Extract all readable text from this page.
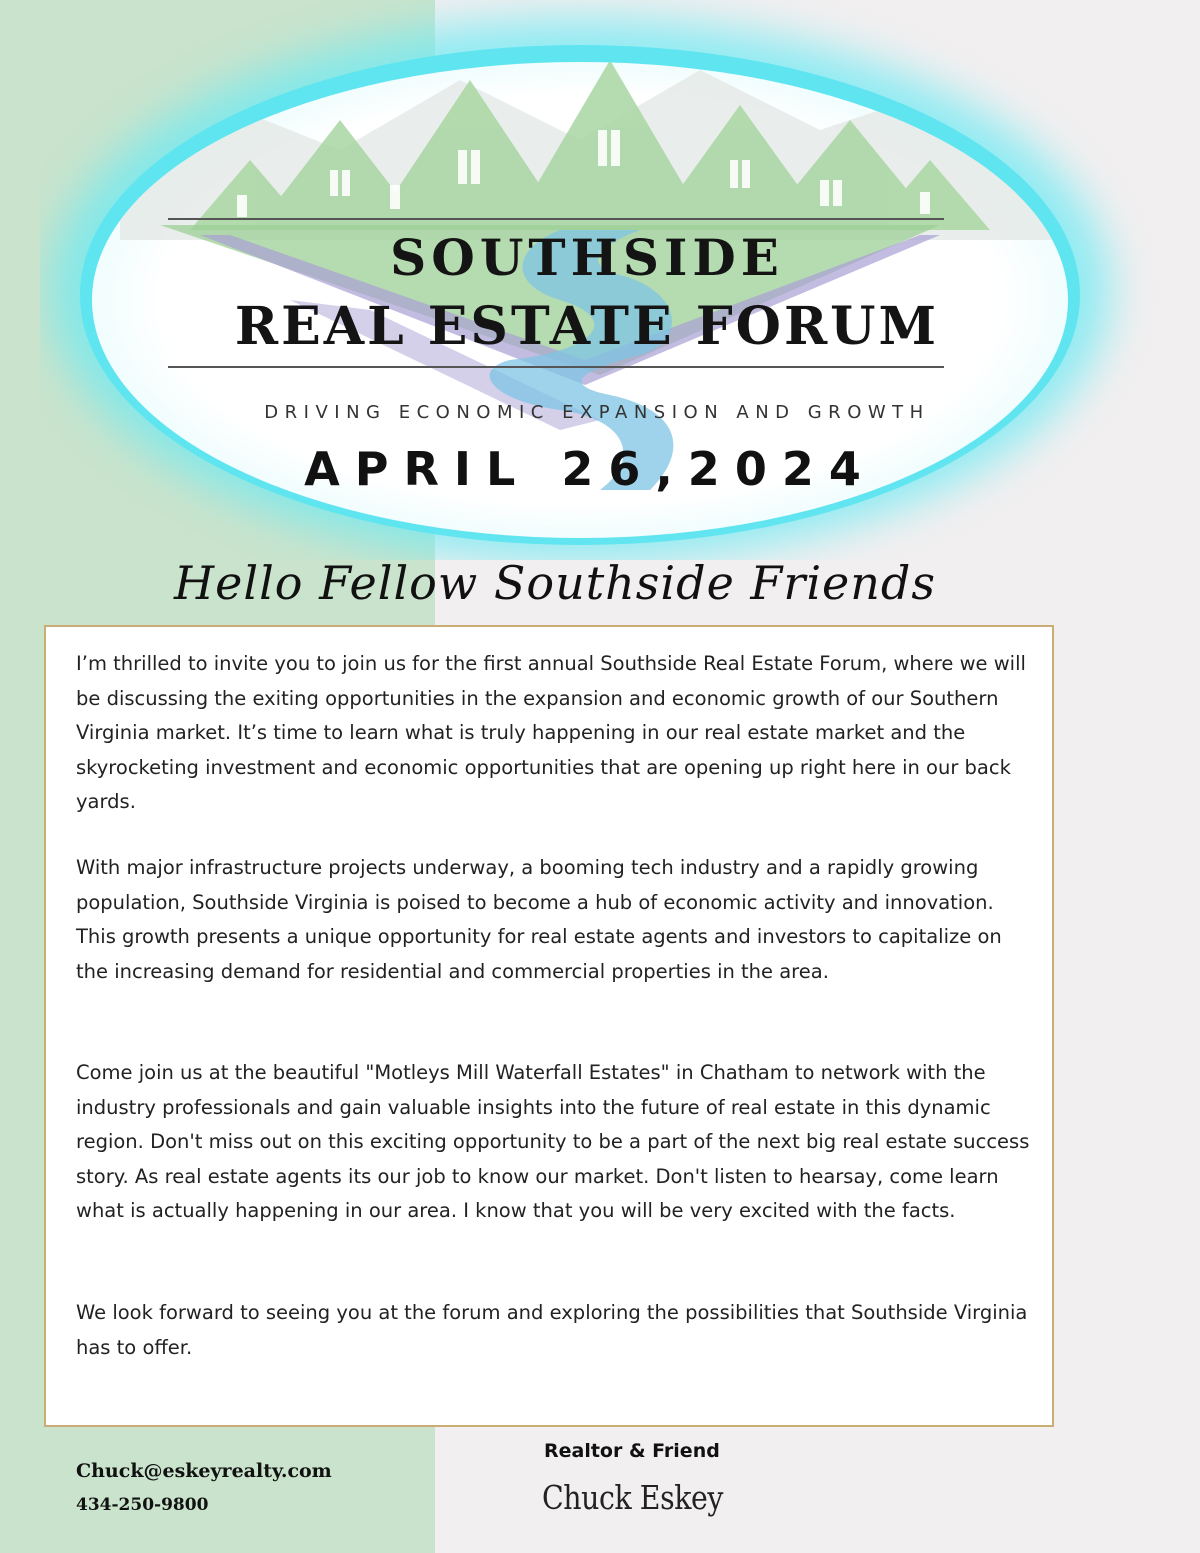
SOUTHSIDE
REAL ESTATE FORUM
DRIVING ECONOMIC EXPANSION AND GROWTH
APRIL 26,2024
Hello Fellow Southside Friends

I’m thrilled to invite you to join us for the first annual Southside Real Estate Forum, where we will be discussing the exiting opportunities in the expansion and economic growth of our Southern Virginia market. It’s time to learn what is truly happening in our real estate market and the skyrocketing investment and economic opportunities that are opening up right here in our back yards.

With major infrastructure projects underway, a booming tech industry and a rapidly growing population, Southside Virginia is poised to become a hub of economic activity and innovation. This growth presents a unique opportunity for real estate agents and investors to capitalize on the increasing demand for residential and commercial properties in the area.

Come join us at the beautiful "Motleys Mill Waterfall Estates" in Chatham to network with the industry professionals and gain valuable insights into the future of real estate in this dynamic region. Don't miss out on this exciting opportunity to be a part of the next big real estate success story. As real estate agents its our job to know our market. Don't listen to hearsay, come learn what is actually happening in our area. I know that you will be very excited with the facts.

We look forward to seeing you at the forum and exploring the possibilities that Southside Virginia has to offer.

Chuck@eskeyrealty.com
434-250-9800
Realtor & Friend
Chuck Eskey
